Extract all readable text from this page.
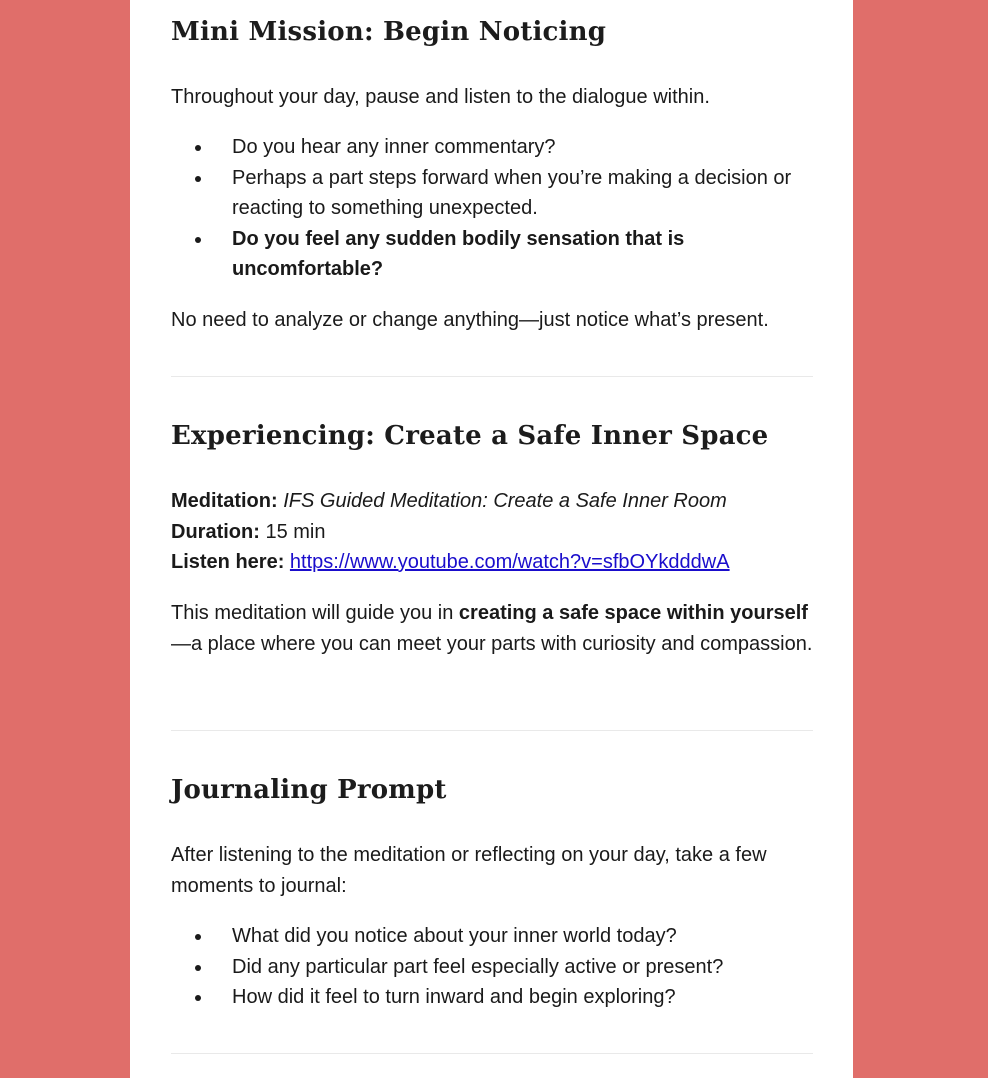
Mini Mission: Begin Noticing

Throughout your day, pause and listen to the dialogue within.

Do you hear any inner commentary?
Perhaps a part steps forward when you’re making a decision or reacting to something unexpected.
Do you feel any sudden bodily sensation that is uncomfortable?

No need to analyze or change anything—just notice what’s present.

Experiencing: Create a Safe Inner Space

Meditation: IFS Guided Meditation: Create a Safe Inner Room

Duration: 15 min

Listen here: https://www.youtube.com/watch?v=sfbOYkdddwA

This meditation will guide you in creating a safe space within yourself—a place where you can meet your parts with curiosity and compassion.

Journaling Prompt

After listening to the meditation or reflecting on your day, take a few moments to journal:

What did you notice about your inner world today?
Did any particular part feel especially active or present?
How did it feel to turn inward and begin exploring?
